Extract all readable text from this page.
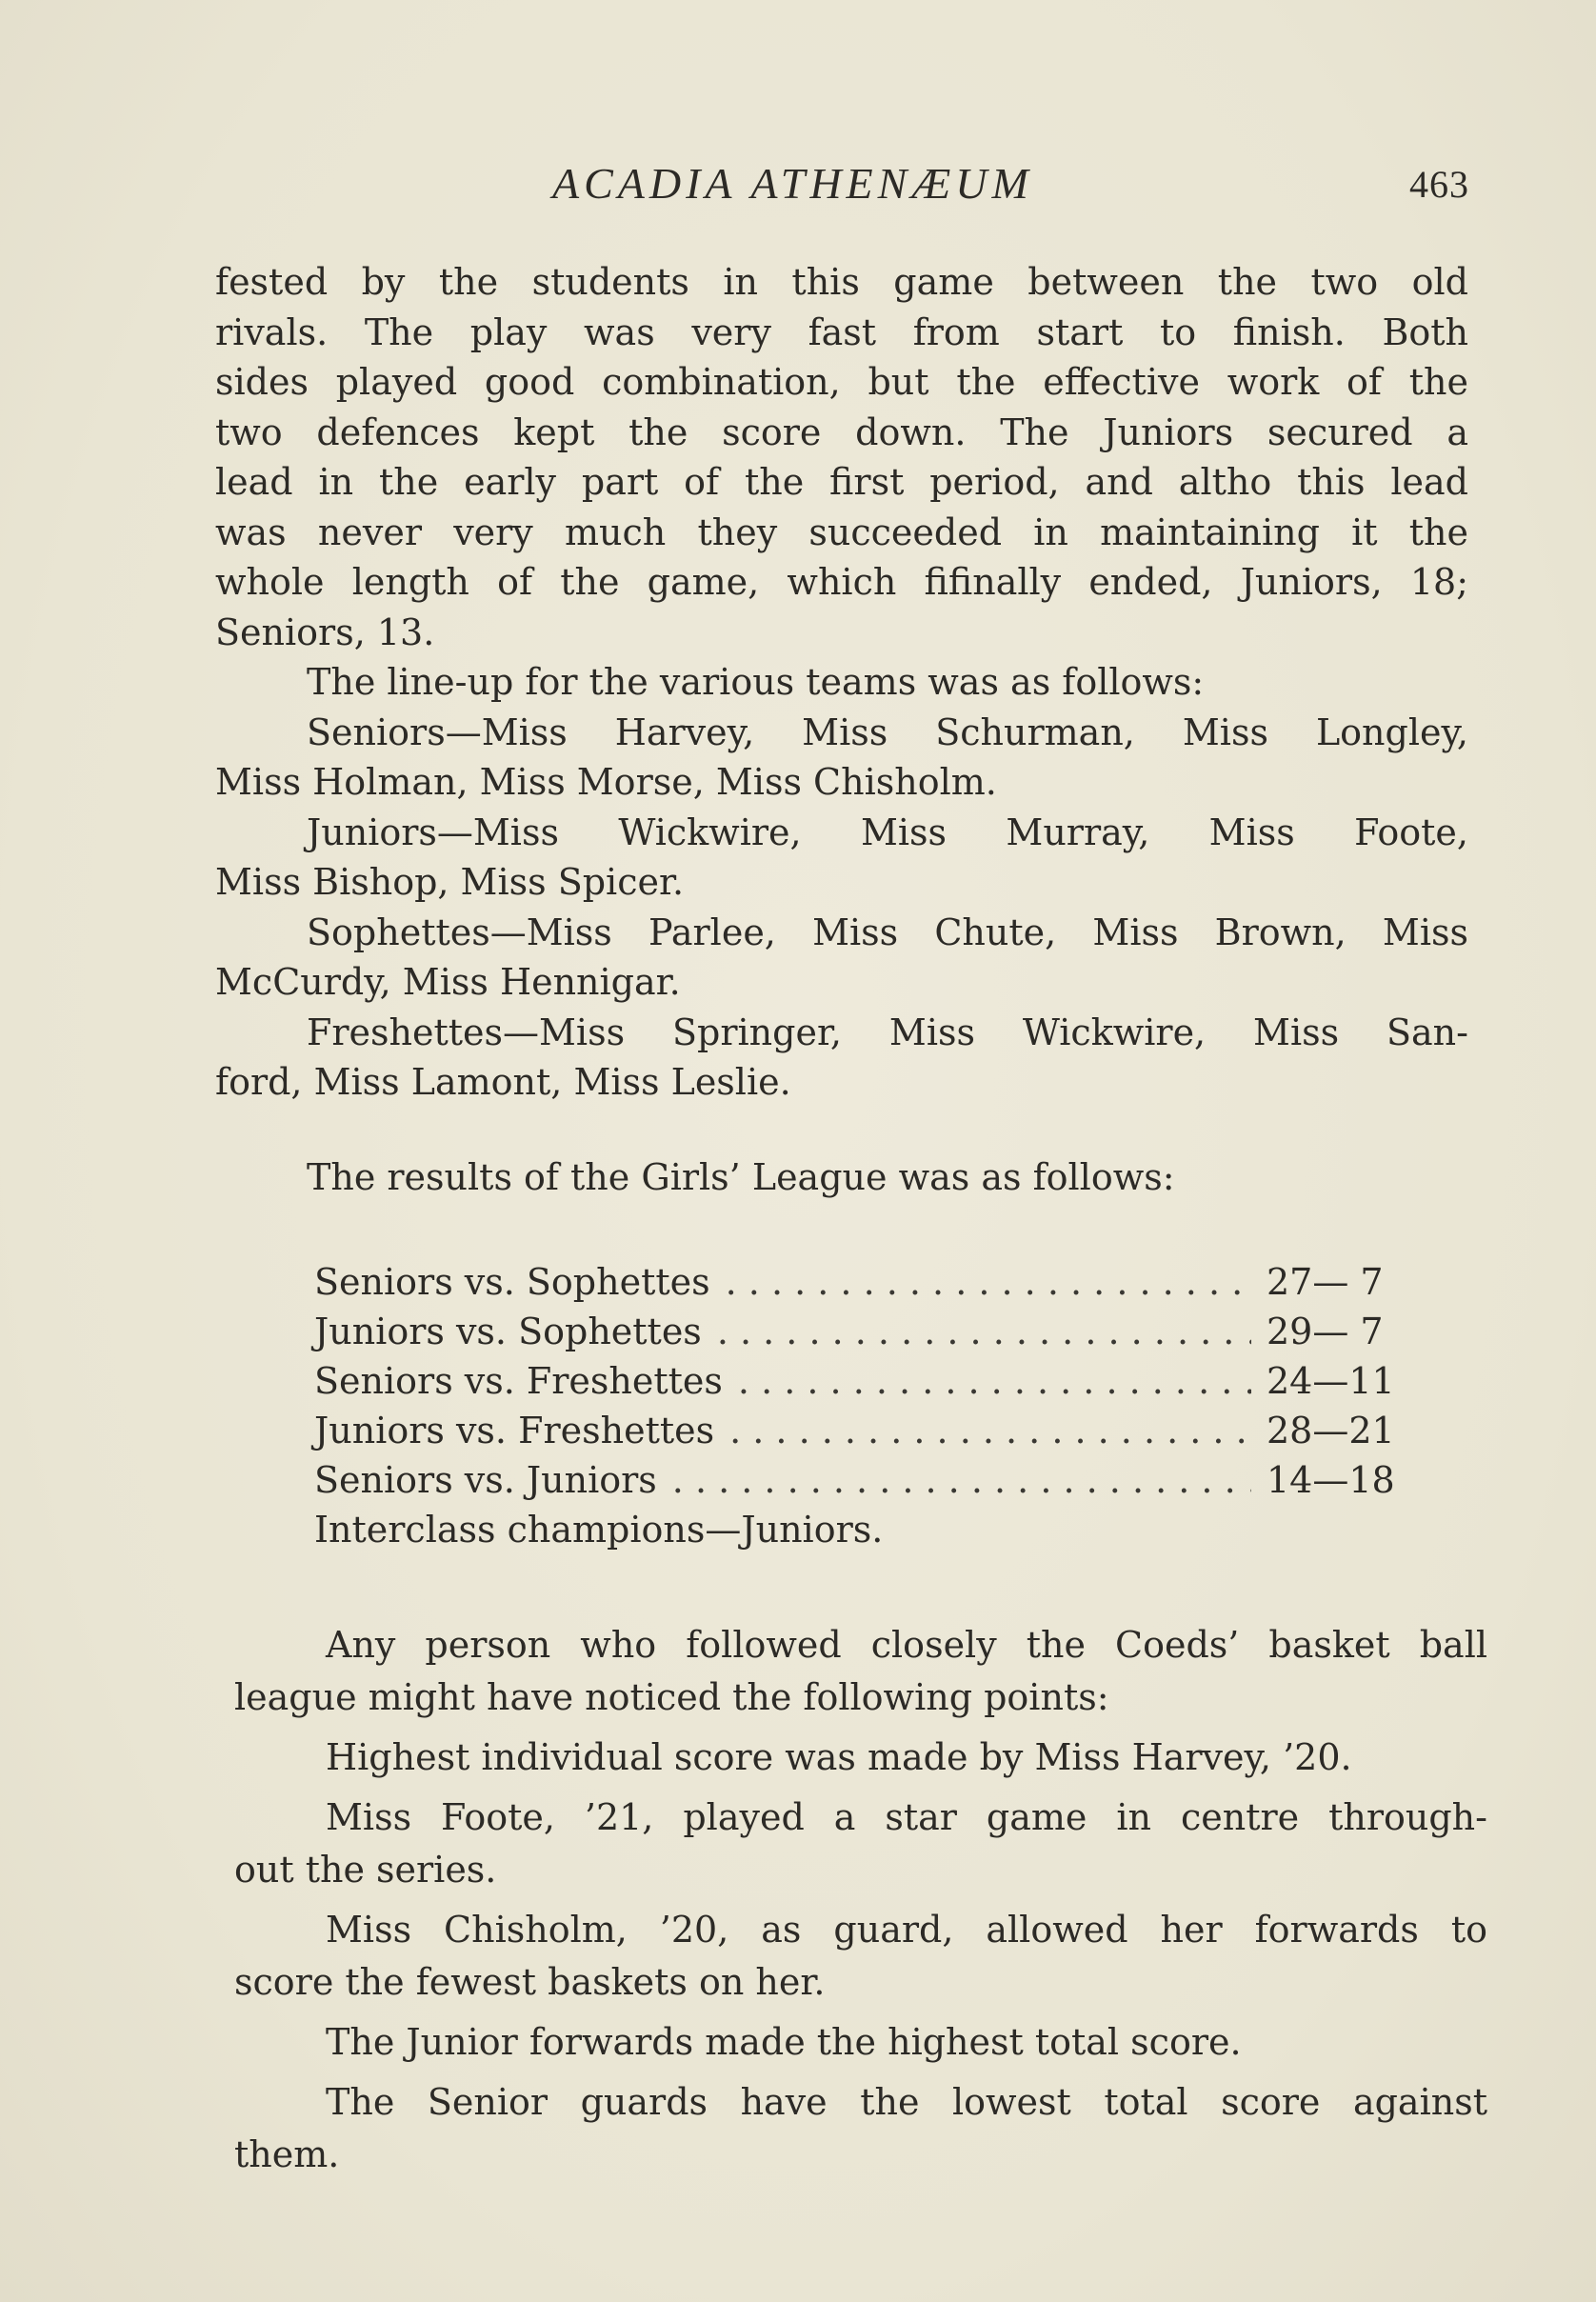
ACADIA ATHENÆUM	463
fested by the students in this game between the two old
rivals. The play was very fast from start to finish. Both
sides played good combination, but the effective work of the
two defences kept the score down. The Juniors secured a
lead in the early part of the first period, and altho this lead
was never very much they succeeded in maintaining it the
whole length of the game, which fifinally ended, Juniors, 18;
Seniors, 13.
The line-up for the various teams was as follows:
Seniors—Miss Harvey, Miss Schurman, Miss Longley,
Miss Holman, Miss Morse, Miss Chisholm.
Juniors—Miss Wickwire, Miss Murray, Miss Foote,
Miss Bishop, Miss Spicer.
Sophettes—Miss Parlee, Miss Chute, Miss Brown, Miss
McCurdy, Miss Hennigar.
Freshettes—Miss Springer, Miss Wickwire, Miss San-
ford, Miss Lamont, Miss Leslie.
The results of the Girls’ League was as follows:
Seniors vs. Sophettes . . .	27— 7
Juniors vs. Sophettes . . .	29— 7
Seniors vs. Freshettes . . .	24—11
Juniors vs. Freshettes . . .	28—21
Seniors vs. Juniors . . .	14—18
Interclass champions—Juniors.
Any person who followed closely the Coeds’ basket ball
league might have noticed the following points:
Highest individual score was made by Miss Harvey, ’20.
Miss Foote, ’21, played a star game in centre through-
out the series.
Miss Chisholm, ’20, as guard, allowed her forwards to
score the fewest baskets on her.
The Junior forwards made the highest total score.
The Senior guards have the lowest total score against
them.
